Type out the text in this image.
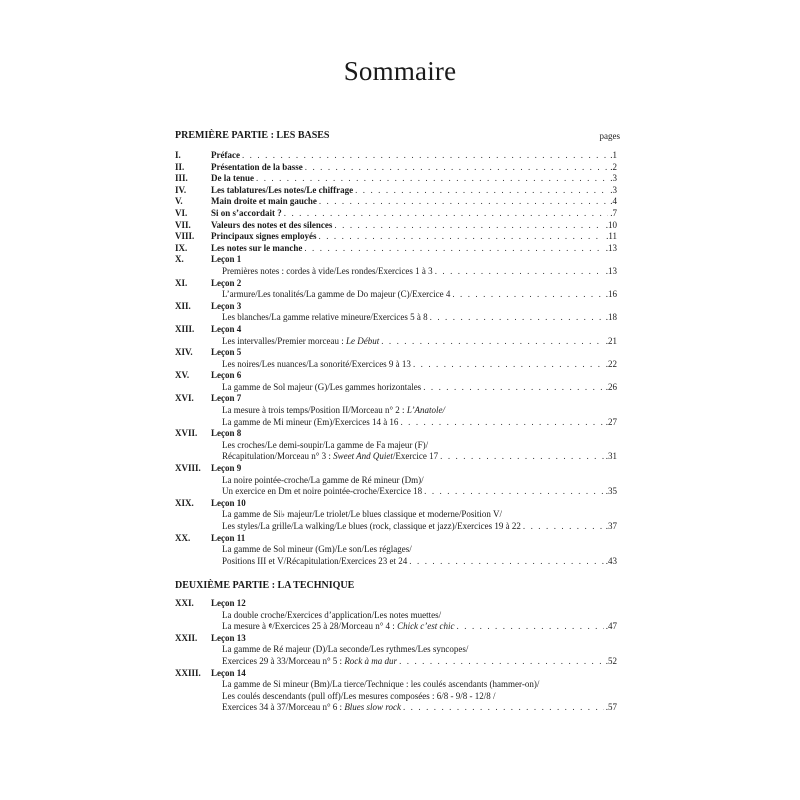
Sommaire
PREMIÈRE PARTIE : LES BASES	pages
I.	Préface . . .	.1
II.	Présentation de la basse . . .	.2
III.	De la tenue . . .	.3
IV.	Les tablatures/Les notes/Le chiffrage . . .	.3
V.	Main droite et main gauche . . .	.4
VI.	Si on s’accordait ? . . .	.7
VII.	Valeurs des notes et des silences . . .	.10
VIII.	Principaux signes employés . . .	.11
IX.	Les notes sur le manche . . .	.13
X.	Leçon 1
Premières notes : cordes à vide/Les rondes/Exercices 1 à 3 . . .	.13
XI.	Leçon 2
L’armure/Les tonalités/La gamme de Do majeur (C)/Exercice 4 . . .	.16
XII.	Leçon 3
Les blanches/La gamme relative mineure/Exercices 5 à 8 . . .	.18
XIII.	Leçon 4
Les intervalles/Premier morceau :
Le Début . . .	.21
XIV.	Leçon 5
Les noires/Les nuances/La sonorité/Exercices 9 à 13 . . .	.22
XV.	Leçon 6
La gamme de Sol majeur (G)/Les gammes horizontales . . .	.26
XVI.	Leçon 7
La mesure à trois temps/Position II/Morceau n° 2 :
L’Anatole/
La gamme de Mi mineur (Em)/Exercices 14 à 16 . . .	.27
XVII.	Leçon 8
Les croches/Le demi-soupir/La gamme de Fa majeur (F)/
Récapitulation/Morceau n° 3 :
Sweet And Quiet /Exercice 17 . . .	.31
XVIII.	Leçon 9
La noire pointée-croche/La gamme de Ré mineur (Dm)/
Un exercice en Dm et noire pointée-croche/Exercice 18 . . .	.35
XIX.	Leçon 10
La gamme de Si♭ majeur/Le triolet/Le blues classique et moderne/Position V/
Les styles/La grille/La walking/Le blues (rock, classique et jazz)/Exercices 19 à 22 . . .	.37
XX.	Leçon 11
La gamme de Sol mineur (Gm)/Le son/Les réglages/
Positions III et V/Récapitulation/Exercices 23 et 24 . . .	.43
DEUXIÈME PARTIE : LA TECHNIQUE
XXI.	Leçon 12
La double croche/Exercices d’application/Les notes muettes/
La mesure à 𝄵/Exercices 25 à 28/Morceau n° 4 :
Chick c’est chic . . .	.47
XXII.	Leçon 13
La gamme de Ré majeur (D)/La seconde/Les rythmes/Les syncopes/
Exercices 29 à 33/Morceau n° 5 :
Rock à ma dur . . .	.52
XXIII.	Leçon 14
La gamme de Si mineur (Bm)/La tierce/Technique : les coulés ascendants (hammer-on)/
Les coulés descendants (pull off)/Les mesures composées : 6/8 - 9/8 - 12/8 /
Exercices 34 à 37/Morceau n° 6 :
Blues slow rock . . .	.57
